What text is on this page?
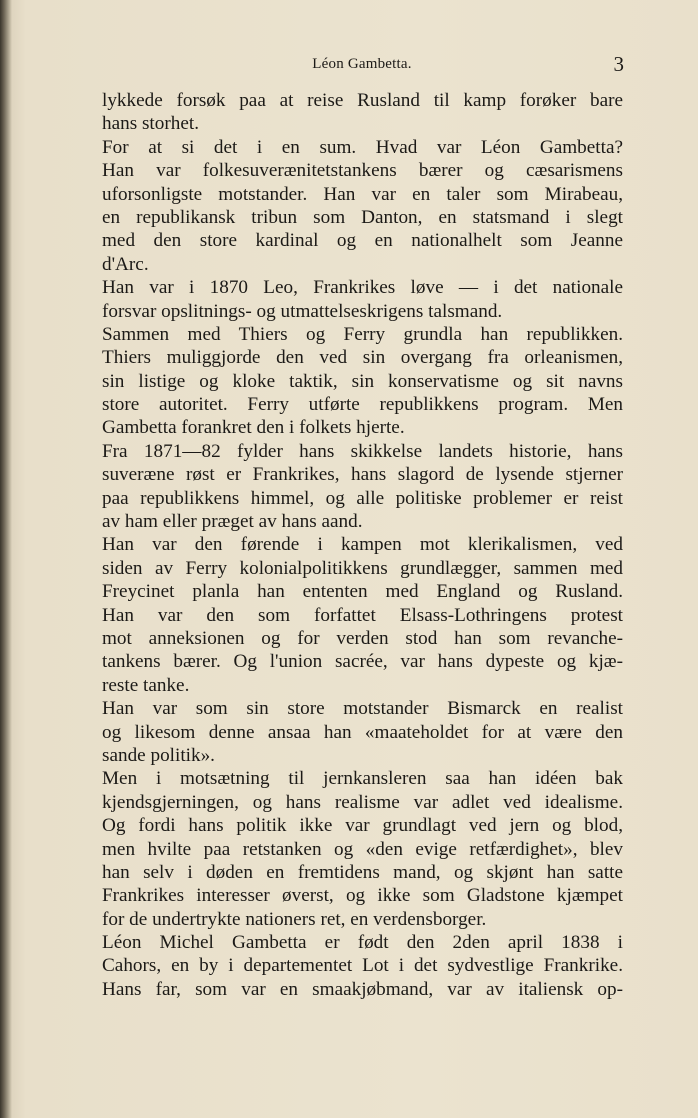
Léon Gambetta.	3
lykkede forsøk paa at reise Rusland til kamp forøker bare
hans storhet.
For at si det i en sum. Hvad var Léon Gambetta?
Han var folkesuverænitetstankens bærer og cæsarismens
uforsonligste motstander. Han var en taler som Mirabeau,
en republikansk tribun som Danton, en statsmand i slegt
med den store kardinal og en nationalhelt som Jeanne
d'Arc.
Han var i 1870 Leo, Frankrikes løve — i det nationale
forsvar opslitnings- og utmattelseskrigens talsmand.
Sammen med Thiers og Ferry grundla han republikken.
Thiers muliggjorde den ved sin overgang fra orleanismen,
sin listige og kloke taktik, sin konservatisme og sit navns
store autoritet. Ferry utførte republikkens program. Men
Gambetta forankret den i folkets hjerte.
Fra 1871—82 fylder hans skikkelse landets historie, hans
suveræne røst er Frankrikes, hans slagord de lysende stjerner
paa republikkens himmel, og alle politiske problemer er reist
av ham eller præget av hans aand.
Han var den førende i kampen mot klerikalismen, ved
siden av Ferry kolonialpolitikkens grundlægger, sammen med
Freycinet planla han ententen med England og Rusland.
Han var den som forfattet Elsass-Lothringens protest
mot anneksionen og for verden stod han som revanche-
tankens bærer. Og l'union sacrée, var hans dypeste og kjæ-
reste tanke.
Han var som sin store motstander Bismarck en realist
og likesom denne ansaa han «maateholdet for at være den
sande politik».
Men i motsætning til jernkansleren saa han idéen bak
kjendsgjerningen, og hans realisme var adlet ved idealisme.
Og fordi hans politik ikke var grundlagt ved jern og blod,
men hvilte paa retstanken og «den evige retfærdighet», blev
han selv i døden en fremtidens mand, og skjønt han satte
Frankrikes interesser øverst, og ikke som Gladstone kjæmpet
for de undertrykte nationers ret, en verdensborger.
Léon Michel Gambetta er født den 2den april 1838 i
Cahors, en by i departementet Lot i det sydvestlige Frankrike.
Hans far, som var en smaakjøbmand, var av italiensk op-
